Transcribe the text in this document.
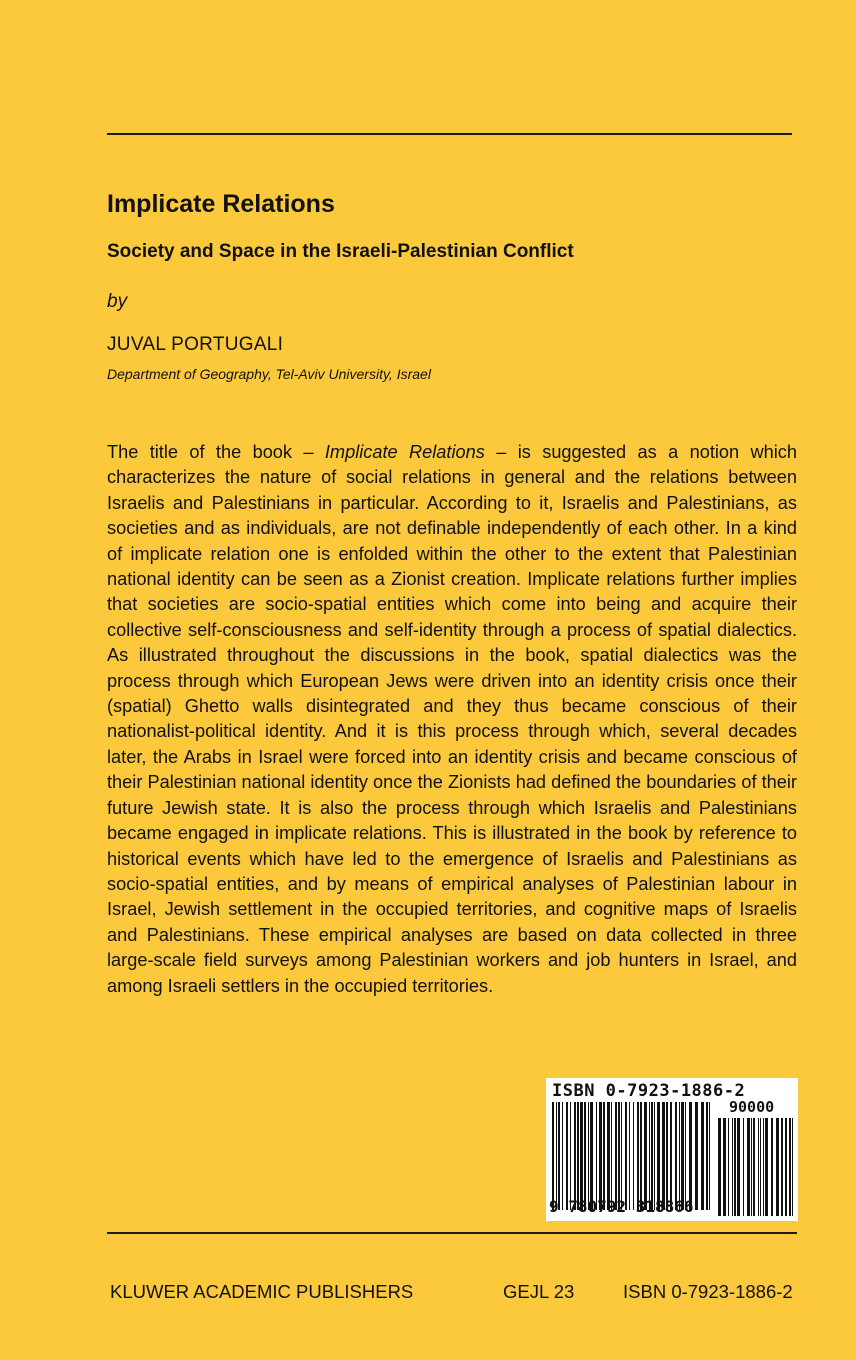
Implicate Relations
Society and Space in the Israeli-Palestinian Conflict
by
JUVAL PORTUGALI
Department of Geography, Tel-Aviv University, Israel

The title of the book – Implicate Relations – is suggested as a notion which characterizes the nature of social relations in general and the relations between Israelis and Palestinians in particular. According to it, Israelis and Palestinians, as societies and as individuals, are not definable independently of each other. In a kind of implicate relation one is enfolded within the other to the extent that Palestinian national identity can be seen as a Zionist creation. Implicate relations further implies that societies are socio-spatial entities which come into being and acquire their collective self-consciousness and self-identity through a process of spatial dialectics. As illustrated throughout the discussions in the book, spatial dialectics was the process through which European Jews were driven into an identity crisis once their (spatial) Ghetto walls disintegrated and they thus became conscious of their nationalist-political identity. And it is this process through which, several decades later, the Arabs in Israel were forced into an identity crisis and became conscious of their Palestinian national identity once the Zionists had defined the boundaries of their future Jewish state. It is also the process through which Israelis and Palestinians became engaged in implicate relations. This is illustrated in the book by reference to historical events which have led to the emergence of Israelis and Palestinians as socio-spatial entities, and by means of empirical analyses of Palestinian labour in Israel, Jewish settlement in the occupied territories, and cognitive maps of Israelis and Palestinians. These empirical analyses are based on data collected in three large-scale field surveys among Palestinian workers and job hunters in Israel, and among Israeli settlers in the occupied territories.

ISBN 0-7923-1886-2
90000
9 780792 318866
KLUWER ACADEMIC PUBLISHERS	GEJL 23	ISBN 0-7923-1886-2
